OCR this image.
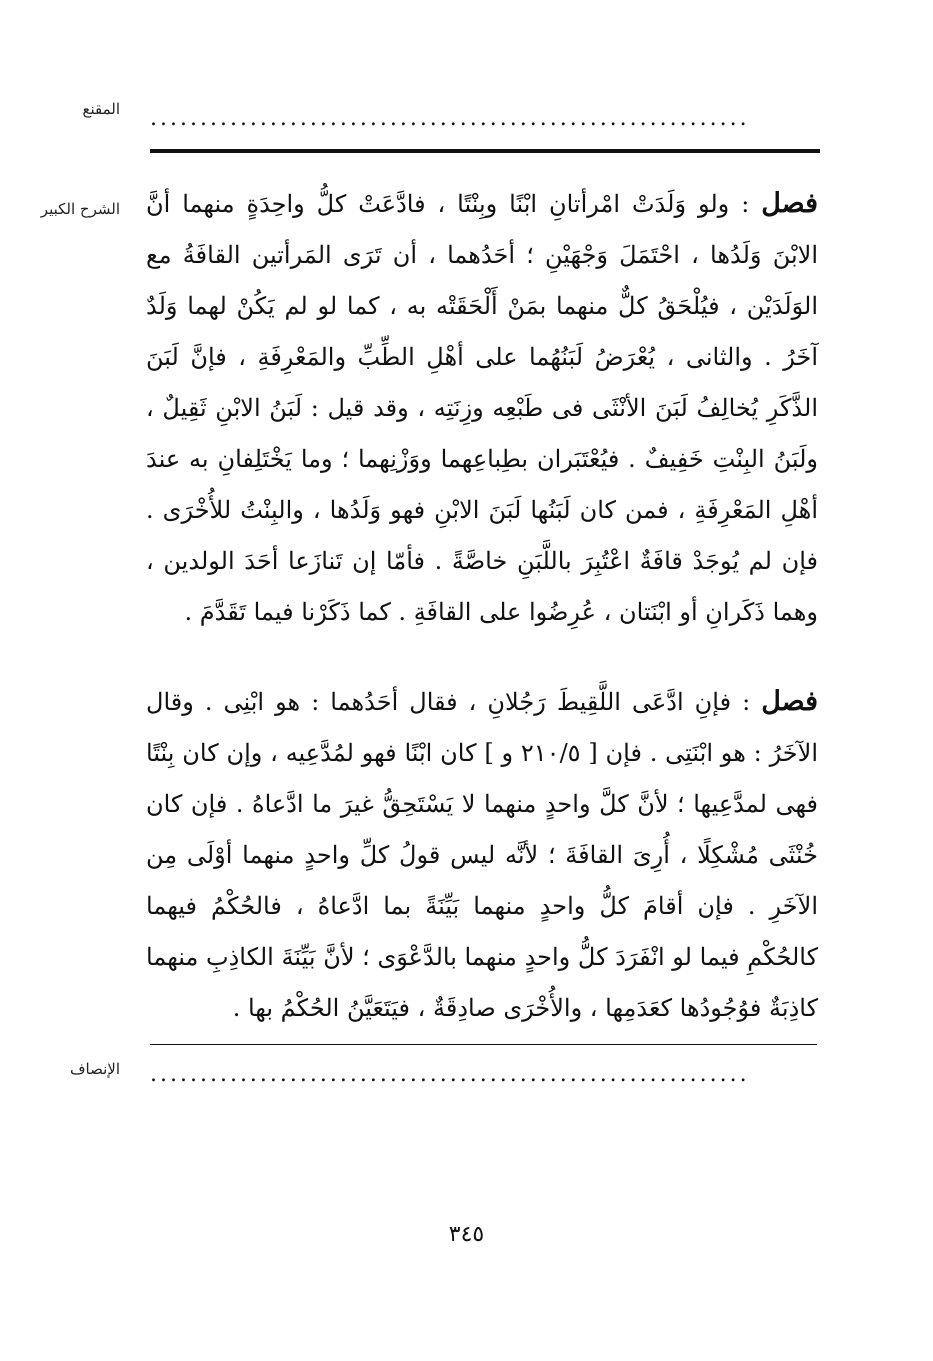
المقنع ............................................................
الشرح الكبير	فصل : ولو وَلَدَتْ امْرأتانِ ابْنًا وبِنْتًا ، فادَّعَتْ كلُّ واحِدَةٍ منهما أنَّ الابْنَ وَلَدُها ، احْتَمَلَ وَجْهَيْنِ ؛ أحَدُهما ، أن تَرَى المَرأتين القافَةُ مع الوَلَدَيْن ، فيُلْحَقُ كلٌّ منهما بمَنْ أَلْحَقَتْه به ، كما لو لم يَكُنْ لهما وَلَدٌ آخَرُ . والثانى ، يُعْرَضُ لَبَنُهُما على أهْلِ الطِّبِّ والمَعْرِفَةِ ، فإنَّ لَبَنَ الذَّكَرِ يُخالِفُ لَبَنَ الأنْثَى فى طَبْعِه وزِنَتِه ، وقد قيل : لَبَنُ الابْنِ ثَقِيلٌ ، ولَبَنُ البِنْتِ خَفِيفٌ . فيُعْتَبَران بطِباعِهما ووَزْنِهما ؛ وما يَخْتَلِفانِ به عندَ أهْلِ المَعْرِفَةِ ، فمن كان لَبَنُها لَبَنَ الابْنِ فهو وَلَدُها ، والبِنْتُ للأُخْرَى . فإن لم يُوجَدْ قافَةٌ اعْتُبِرَ باللَّبَنِ خاصَّةً . فأمّا إن تَنازَعا أحَدَ الولدين ، وهما ذَكَرانِ أو ابْنَتان ، عُرِضُوا على القافَةِ . كما ذَكَرْنا فيما تَقَدَّمَ .
فصل : فإنِ ادَّعَى اللَّقِيطَ رَجُلانِ ، فقال أحَدُهما : هو ابْنِى . وقال الآخَرُ : هو ابْنَتِى . فإن [ ٢١٠/٥ و ] كان ابْنًا فهو لمُدَّعِيه ، وإن كان بِنْتًا فهى لمدَّعِيها ؛ لأنَّ كلَّ واحدٍ منهما لا يَسْتَحِقُّ غيرَ ما ادَّعاهُ . فإن كان خُنْثَى مُشْكِلًا ، أُرِىَ القافَةَ ؛ لأنَّه ليس قولُ كلِّ واحدٍ منهما أوْلَى مِن الآخَرِ . فإن أقامَ كلُّ واحدٍ منهما بَيِّنَةً بما ادَّعاهُ ، فالحُكْمُ فيهما كالحُكْمِ فيما لو انْفَرَدَ كلُّ واحدٍ منهما بالدَّعْوَى ؛ لأنَّ بَيِّنَةَ الكاذِبِ منهما كاذِبَةٌ فوُجُودُها كعَدَمِها ، والأُخْرَى صادِقَةٌ ، فيَتَعَيَّنُ الحُكْمُ بها .
الإنصاف ............................................................
٣٤٥
